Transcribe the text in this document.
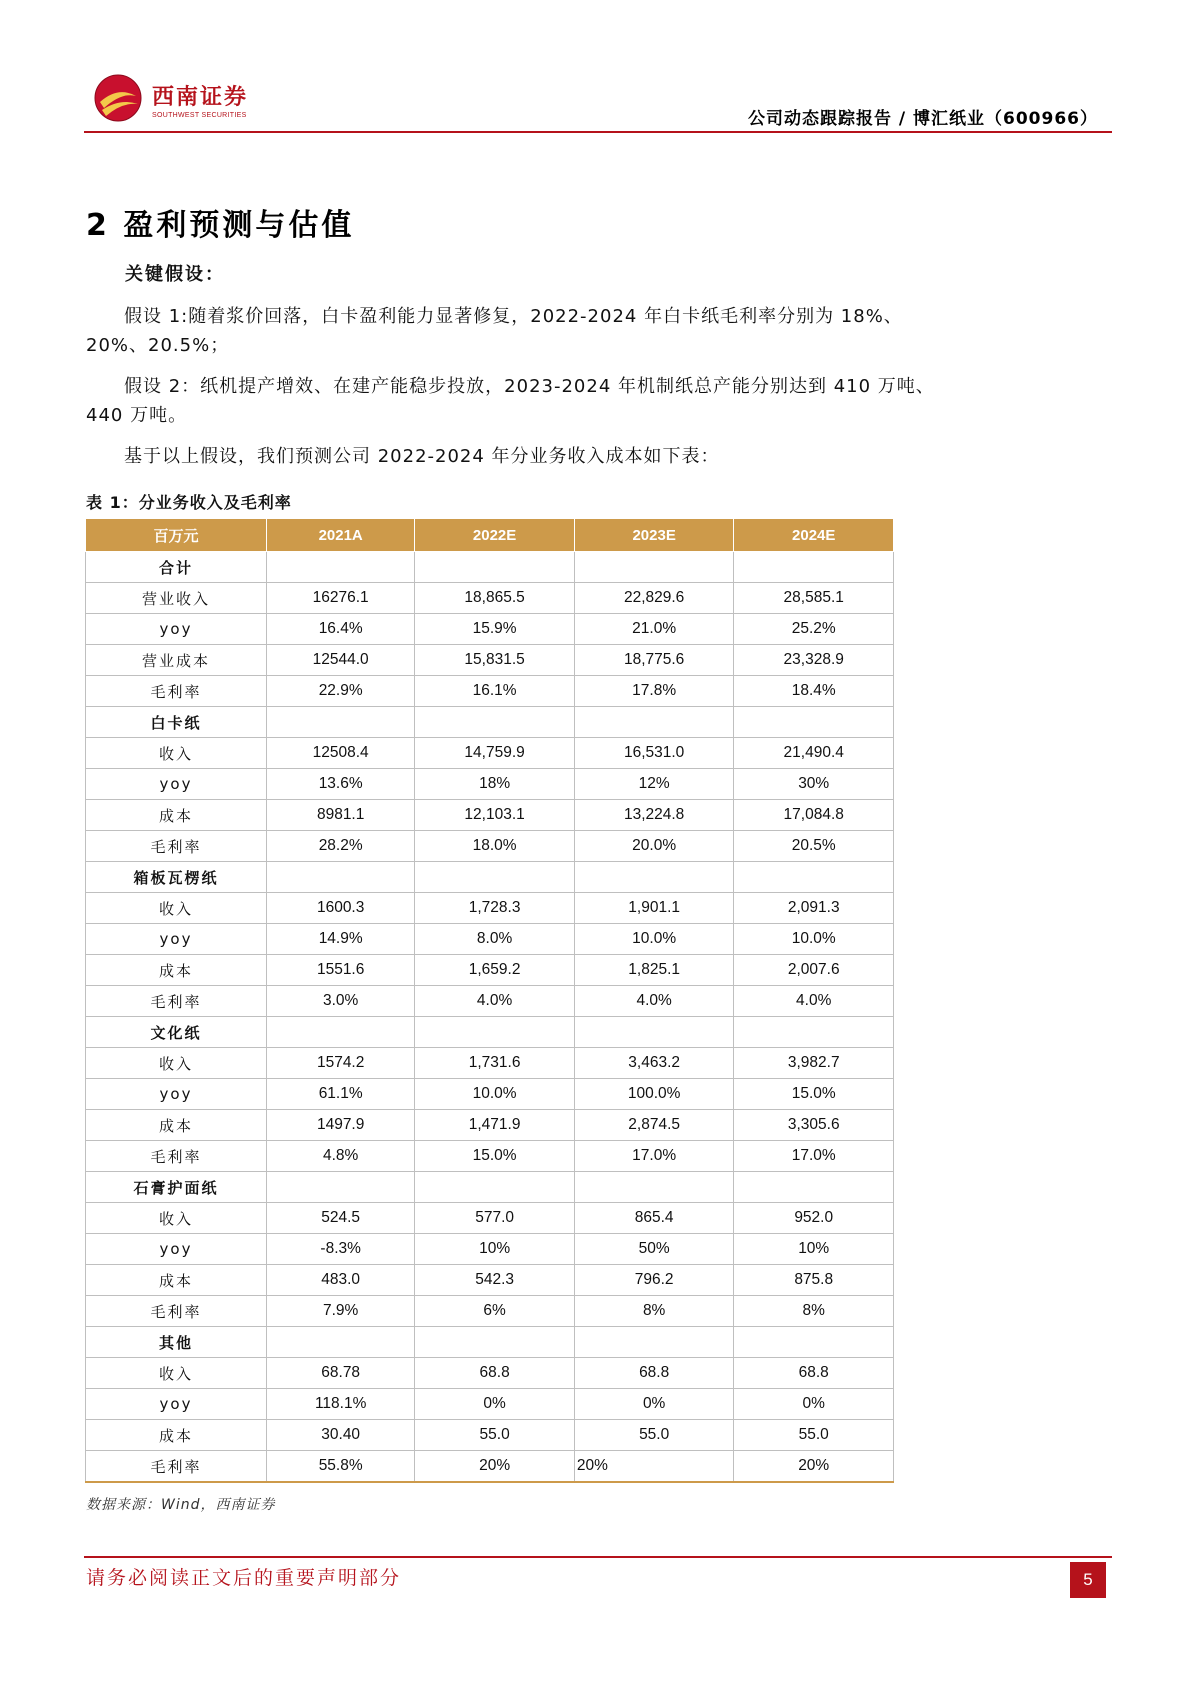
西南证券
SOUTHWEST SECURITIES	公司动态跟踪报告 / 博汇纸业（600966）
2 盈利预测与估值
关键假设：
假设 1:随着浆价回落，白卡盈利能力显著修复，2022-2024 年白卡纸毛利率分别为 18%、20%、20.5%；
假设 2：纸机提产增效、在建产能稳步投放，2023-2024 年机制纸总产能分别达到 410 万吨、440 万吨。
基于以上假设，我们预测公司 2022-2024 年分业务收入成本如下表：
表 1：分业务收入及毛利率
百万元	2021A	2022E	2023E	2024E
合计				
营业收入	16276.1	18,865.5	22,829.6	28,585.1
yoy	16.4%	15.9%	21.0%	25.2%
营业成本	12544.0	15,831.5	18,775.6	23,328.9
毛利率	22.9%	16.1%	17.8%	18.4%
白卡纸				
收入	12508.4	14,759.9	16,531.0	21,490.4
yoy	13.6%	18%	12%	30%
成本	8981.1	12,103.1	13,224.8	17,084.8
毛利率	28.2%	18.0%	20.0%	20.5%
箱板瓦楞纸				
收入	1600.3	1,728.3	1,901.1	2,091.3
yoy	14.9%	8.0%	10.0%	10.0%
成本	1551.6	1,659.2	1,825.1	2,007.6
毛利率	3.0%	4.0%	4.0%	4.0%
文化纸				
收入	1574.2	1,731.6	3,463.2	3,982.7
yoy	61.1%	10.0%	100.0%	15.0%
成本	1497.9	1,471.9	2,874.5	3,305.6
毛利率	4.8%	15.0%	17.0%	17.0%
石膏护面纸				
收入	524.5	577.0	865.4	952.0
yoy	-8.3%	10%	50%	10%
成本	483.0	542.3	796.2	875.8
毛利率	7.9%	6%	8%	8%
其他				
收入	68.78	68.8	68.8	68.8
yoy	118.1%	0%	0%	0%
成本	30.40	55.0	55.0	55.0
毛利率	55.8%	20%	20%	20%
数据来源：Wind，西南证券
请务必阅读正文后的重要声明部分	5
